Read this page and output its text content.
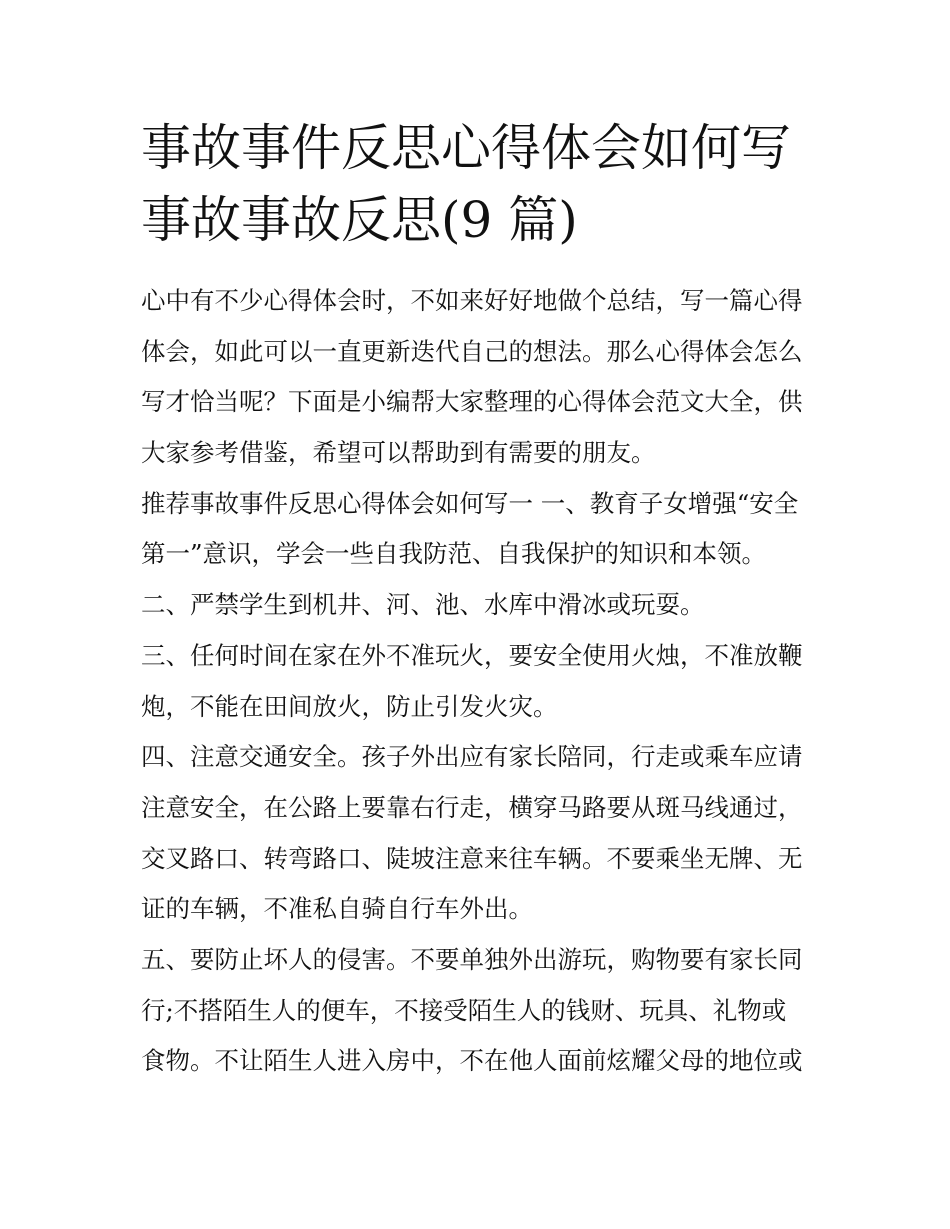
事故事件反思心得体会如何写
事故事故反思(9 篇)
心中有不少心得体会时，不如来好好地做个总结，写一篇心得
体会，如此可以一直更新迭代自己的想法。那么心得体会怎么
写才恰当呢？下面是小编帮大家整理的心得体会范文大全，供
大家参考借鉴，希望可以帮助到有需要的朋友。
推荐事故事件反思心得体会如何写一 一、教育子女增强“安全
第一”意识，学会一些自我防范、自我保护的知识和本领。
二、严禁学生到机井、河、池、水库中滑冰或玩耍。
三、任何时间在家在外不准玩火，要安全使用火烛，不准放鞭
炮，不能在田间放火，防止引发火灾。
四、注意交通安全。孩子外出应有家长陪同，行走或乘车应请
注意安全，在公路上要靠右行走，横穿马路要从斑马线通过，
交叉路口、转弯路口、陡坡注意来往车辆。不要乘坐无牌、无
证的车辆，不准私自骑自行车外出。
五、要防止坏人的侵害。不要单独外出游玩，购物要有家长同
行;不搭陌生人的便车，不接受陌生人的钱财、玩具、礼物或
食物。不让陌生人进入房中，不在他人面前炫耀父母的地位或
